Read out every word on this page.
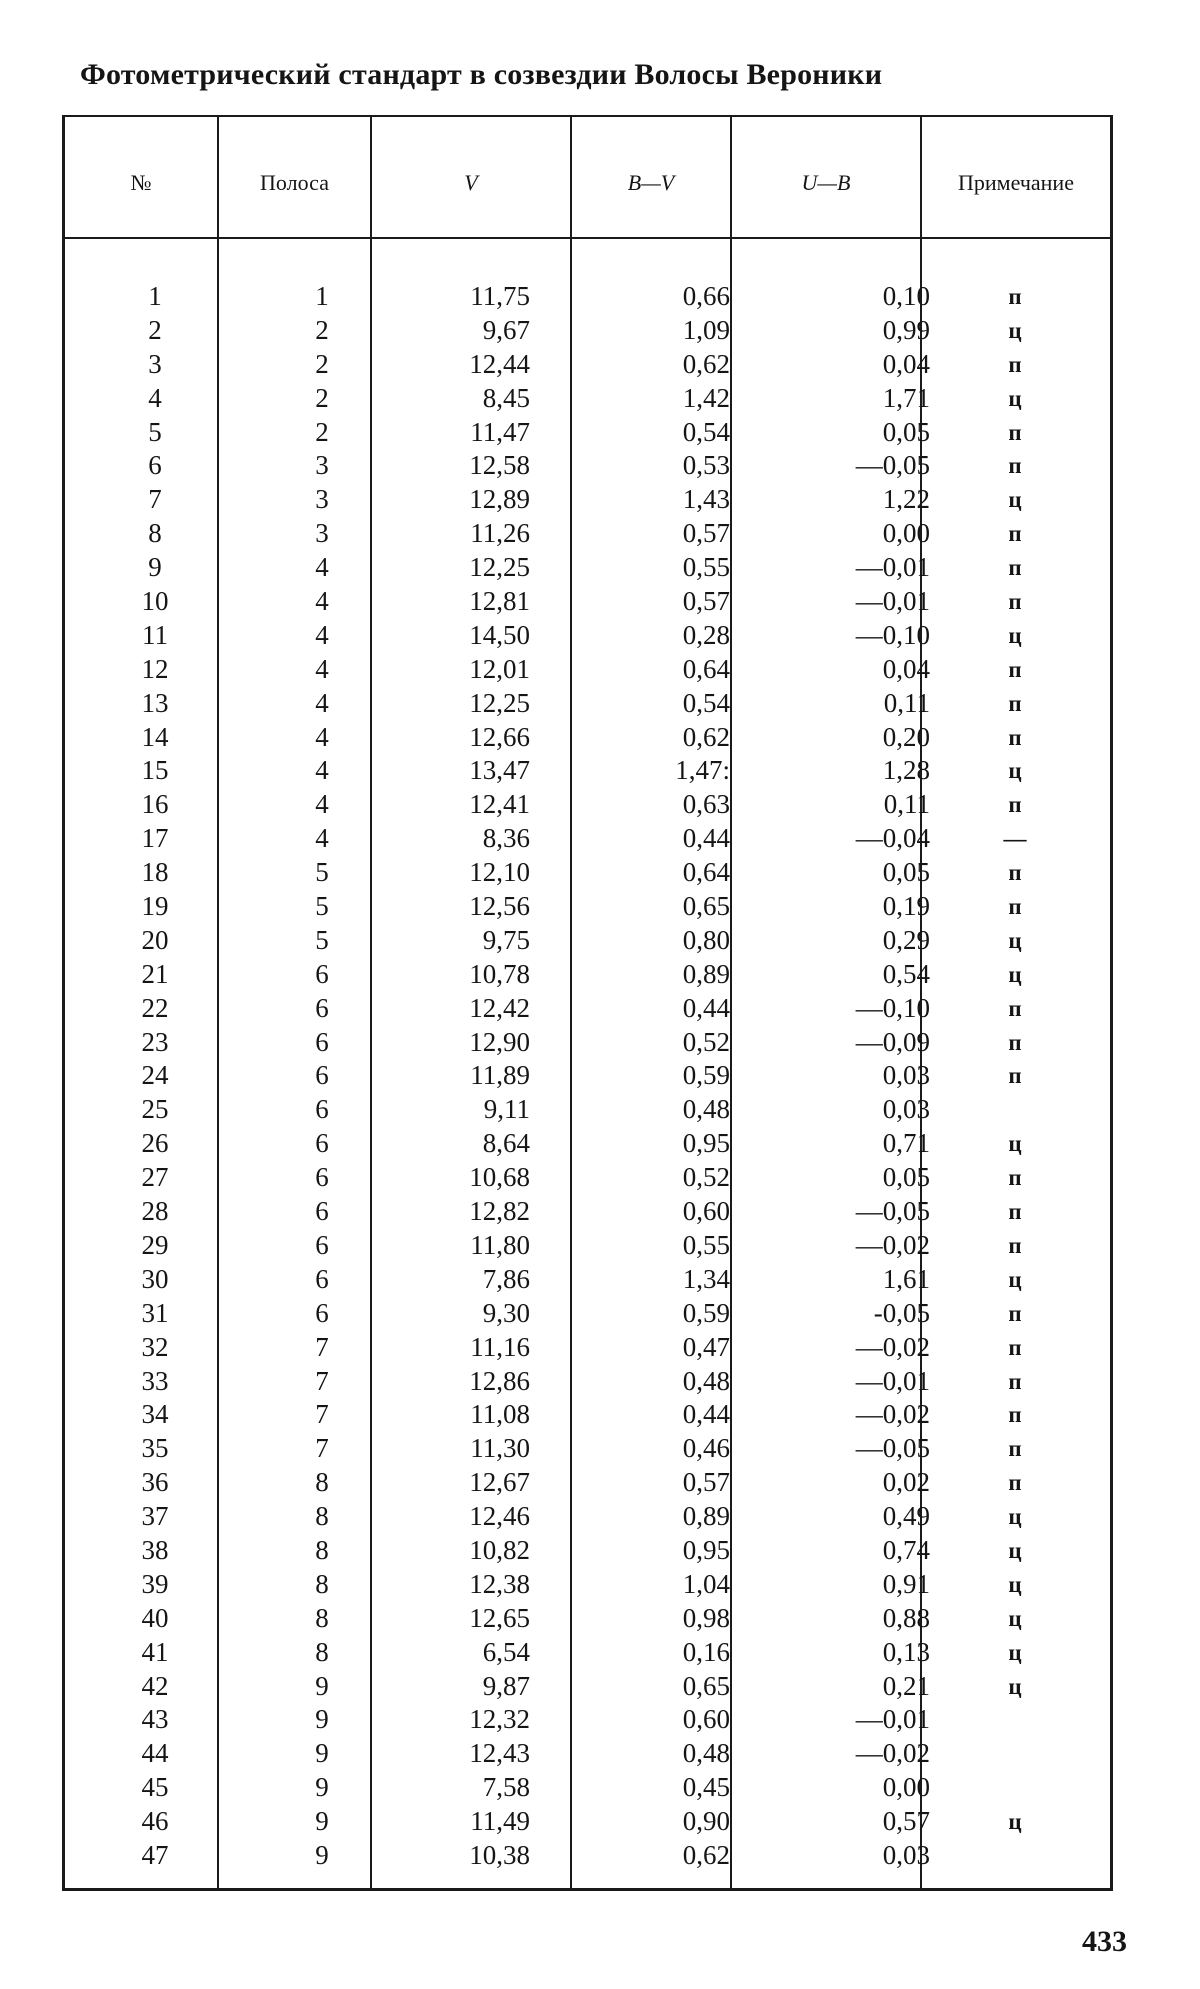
Фотометрический стандарт в созвездии Волосы Вероники
№	Полоса	V	B—V	U—B	Примечание
1	1	11,75	0,66	0,10	п
2	2	9,67	1,09	0,99	ц
3	2	12,44	0,62	0,04	п
4	2	8,45	1,42	1,71	ц
5	2	11,47	0,54	0,05	п
6	3	12,58	0,53	—0,05	п
7	3	12,89	1,43	1,22	ц
8	3	11,26	0,57	0,00	п
9	4	12,25	0,55	—0,01	п
10	4	12,81	0,57	—0,01	п
11	4	14,50	0,28	—0,10	ц
12	4	12,01	0,64	0,04	п
13	4	12,25	0,54	0,11	п
14	4	12,66	0,62	0,20	п
15	4	13,47	1,47:	1,28	ц
16	4	12,41	0,63	0,11	п
17	4	8,36	0,44	—0,04	—
18	5	12,10	0,64	0,05	п
19	5	12,56	0,65	0,19	п
20	5	9,75	0,80	0,29	ц
21	6	10,78	0,89	0,54	ц
22	6	12,42	0,44	—0,10	п
23	6	12,90	0,52	—0,09	п
24	6	11,89	0,59	0,03	п
25	6	9,11	0,48	0,03
26	6	8,64	0,95	0,71	ц
27	6	10,68	0,52	0,05	п
28	6	12,82	0,60	—0,05	п
29	6	11,80	0,55	—0,02	п
30	6	7,86	1,34	1,61	ц
31	6	9,30	0,59	-0,05	п
32	7	11,16	0,47	—0,02	п
33	7	12,86	0,48	—0,01	п
34	7	11,08	0,44	—0,02	п
35	7	11,30	0,46	—0,05	п
36	8	12,67	0,57	0,02	п
37	8	12,46	0,89	0,49	ц
38	8	10,82	0,95	0,74	ц
39	8	12,38	1,04	0,91	ц
40	8	12,65	0,98	0,88	ц
41	8	6,54	0,16	0,13	ц
42	9	9,87	0,65	0,21	ц
43	9	12,32	0,60	—0,01
44	9	12,43	0,48	—0,02
45	9	7,58	0,45	0,00
46	9	11,49	0,90	0,57	ц
47	9	10,38	0,62	0,03
433
